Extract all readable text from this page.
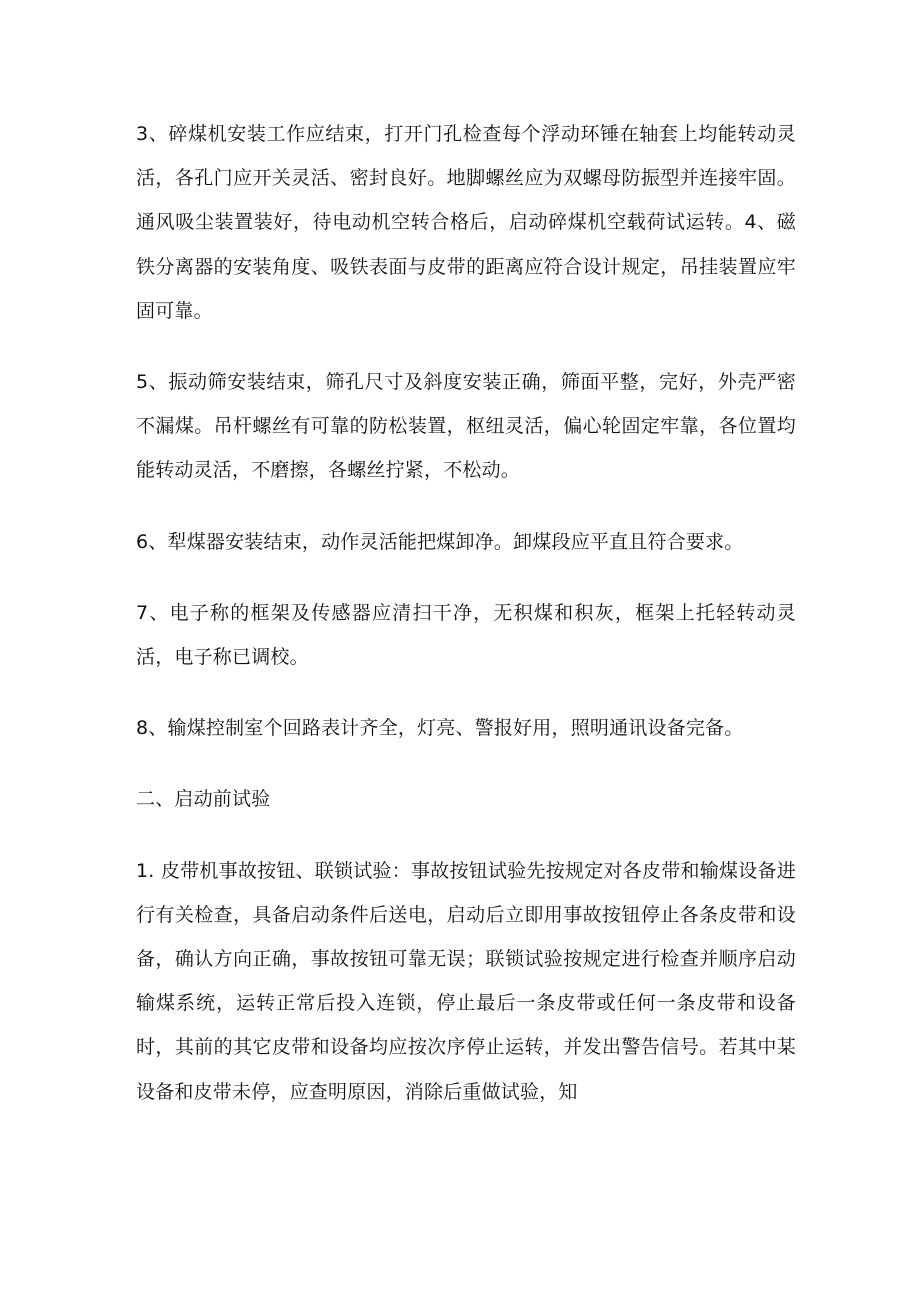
3、碎煤机安装工作应结束，打开门孔检查每个浮动环锤在轴套上均能转动灵活，各孔门应开关灵活、密封良好。地脚螺丝应为双螺母防振型并连接牢固。通风吸尘装置装好，待电动机空转合格后，启动碎煤机空载荷试运转。4、磁铁分离器的安装角度、吸铁表面与皮带的距离应符合设计规定，吊挂装置应牢固可靠。

5、振动筛安装结束，筛孔尺寸及斜度安装正确，筛面平整，完好，外壳严密不漏煤。吊杆螺丝有可靠的防松装置，枢纽灵活，偏心轮固定牢靠，各位置均能转动灵活，不磨擦，各螺丝拧紧，不松动。

6、犁煤器安装结束，动作灵活能把煤卸净。卸煤段应平直且符合要求。

7、电子称的框架及传感器应清扫干净，无积煤和积灰，框架上托轻转动灵活，电子称已调校。

8、输煤控制室个回路表计齐全，灯亮、警报好用，照明通讯设备完备。

二、启动前试验

1. 皮带机事故按钮、联锁试验：事故按钮试验先按规定对各皮带和输煤设备进行有关检查，具备启动条件后送电，启动后立即用事故按钮停止各条皮带和设备，确认方向正确，事故按钮可靠无误；联锁试验按规定进行检查并顺序启动输煤系统，运转正常后投入连锁，停止最后一条皮带或任何一条皮带和设备时，其前的其它皮带和设备均应按次序停止运转，并发出警告信号。若其中某设备和皮带未停，应查明原因，消除后重做试验，知
